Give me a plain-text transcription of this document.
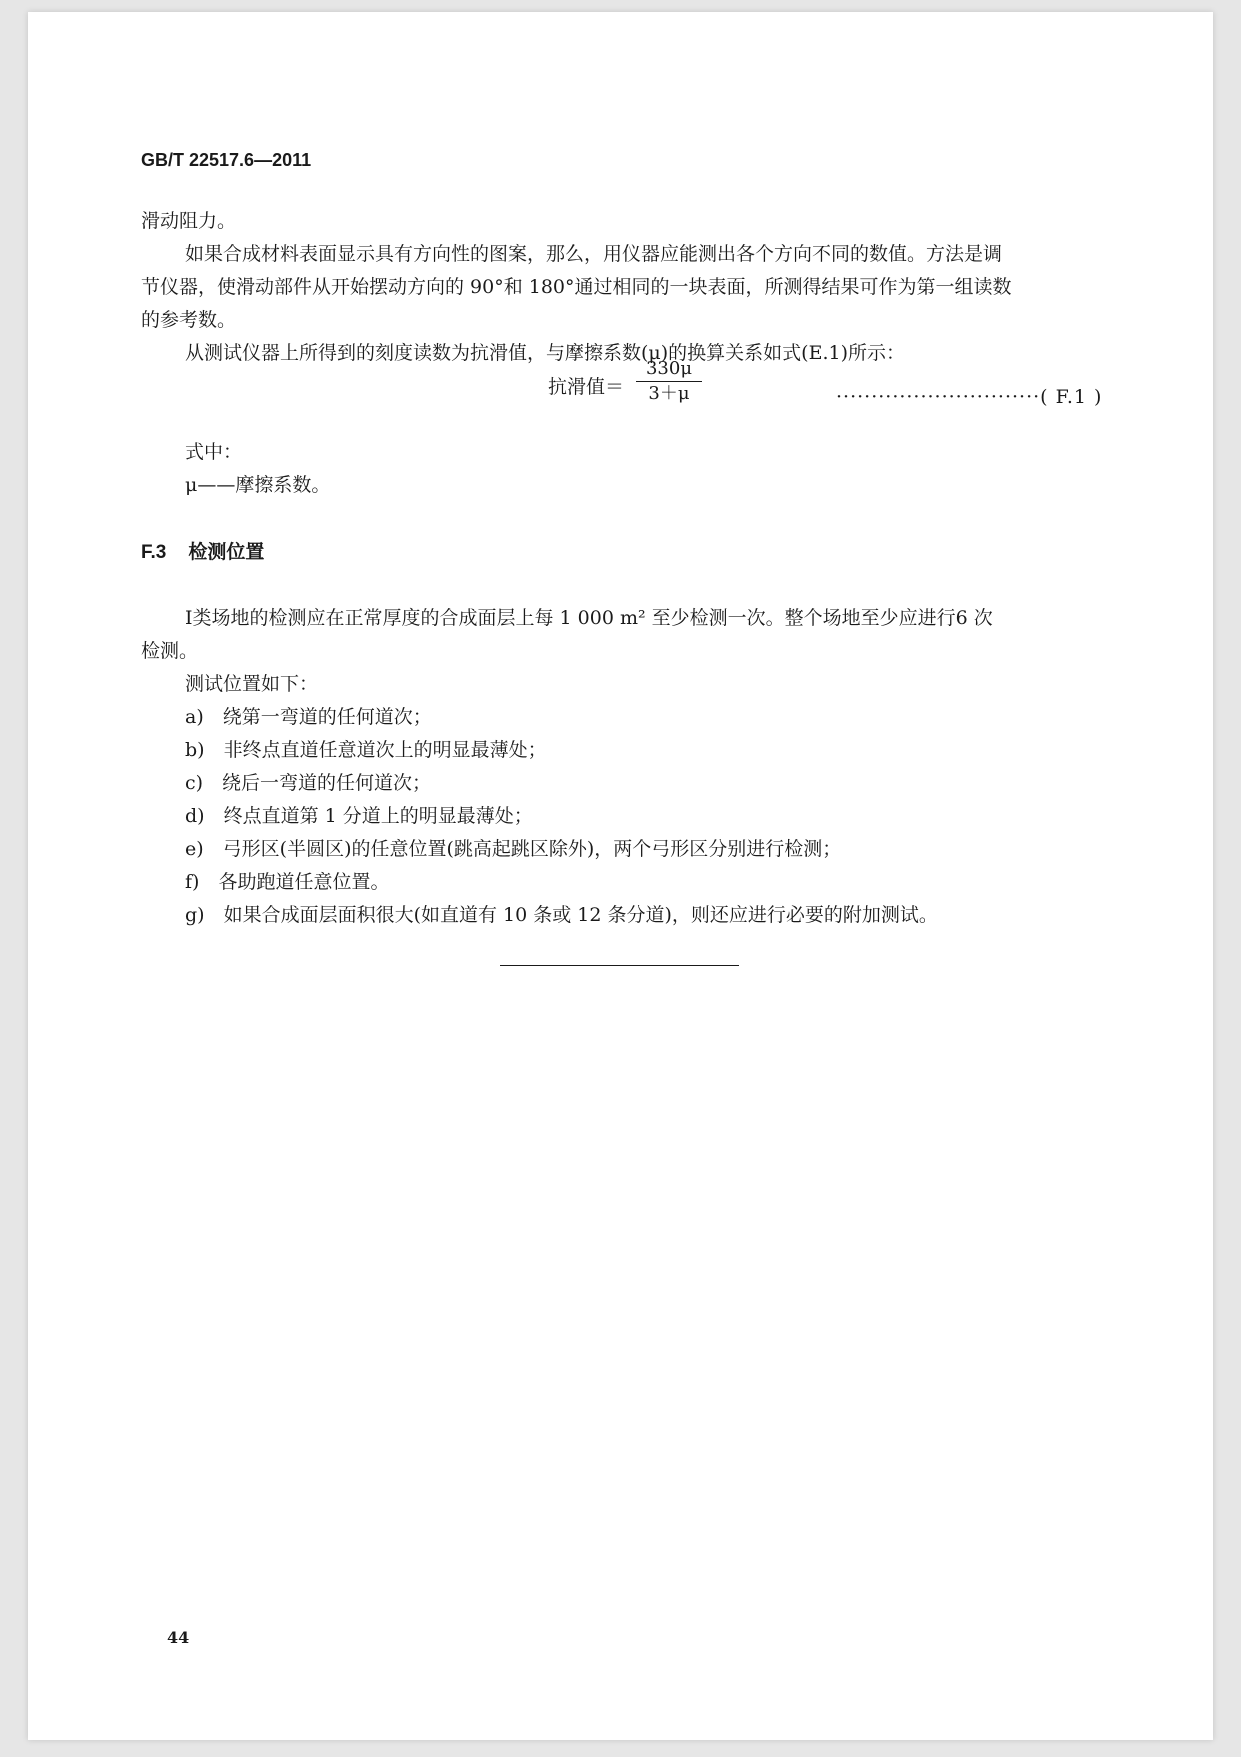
GB/T 22517.6—2011
滑动阻力。
如果合成材料表面显示具有方向性的图案，那么，用仪器应能测出各个方向不同的数值。方法是调
节仪器，使滑动部件从开始摆动方向的 90°和 180°通过相同的一块表面，所测得结果可作为第一组读数
的参考数。
从测试仪器上所得到的刻度读数为抗滑值，与摩擦系数(μ)的换算关系如式(E.1)所示：
抗滑值＝
330μ
3＋μ	·····························( F.1 )
式中：
μ——摩擦系数。
F.3 检测位置
Ⅰ类场地的检测应在正常厚度的合成面层上每 1 000 m² 至少检测一次。整个场地至少应进行6 次
检测。
测试位置如下：
a)　绕第一弯道的任何道次；
b)　非终点直道任意道次上的明显最薄处；
c)　绕后一弯道的任何道次；
d)　终点直道第 1 分道上的明显最薄处；
e)　弓形区(半圆区)的任意位置(跳高起跳区除外)，两个弓形区分别进行检测；
f)　各助跑道任意位置。
g)　如果合成面层面积很大(如直道有 10 条或 12 条分道)，则还应进行必要的附加测试。
44
